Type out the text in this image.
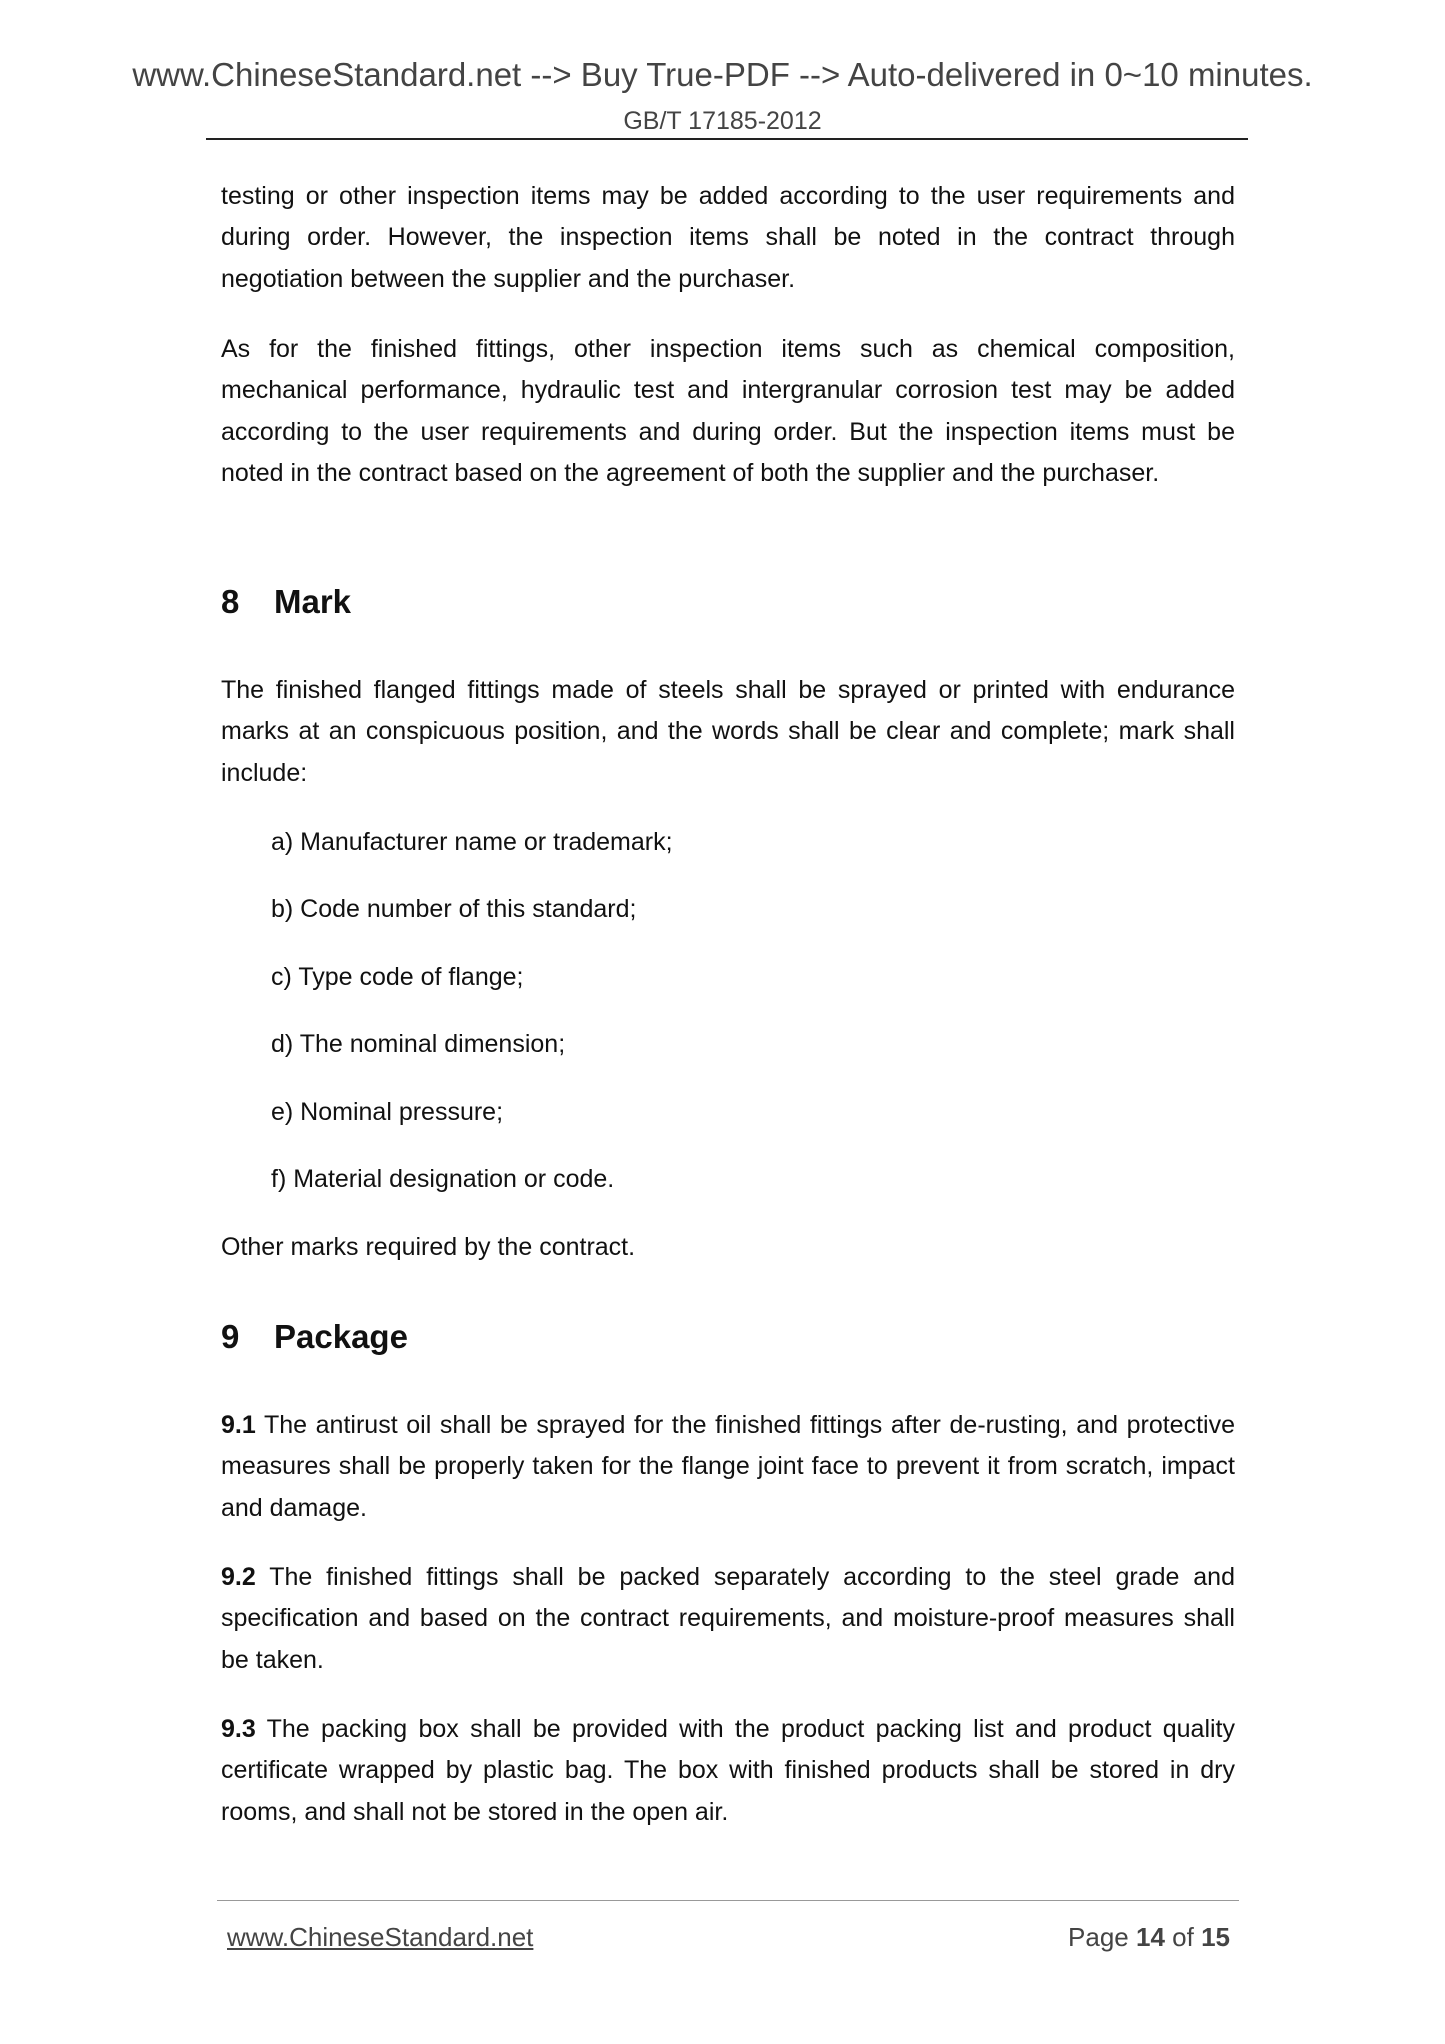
www.ChineseStandard.net --> Buy True-PDF --> Auto-delivered in 0~10 minutes.
GB/T 17185-2012

testing or other inspection items may be added according to the user requirements and during order. However, the inspection items shall be noted in the contract through negotiation between the supplier and the purchaser.

As for the finished fittings, other inspection items such as chemical composition, mechanical performance, hydraulic test and intergranular corrosion test may be added according to the user requirements and during order. But the inspection items must be noted in the contract based on the agreement of both the supplier and the purchaser.

8 Mark

The finished flanged fittings made of steels shall be sprayed or printed with endurance marks at an conspicuous position, and the words shall be clear and complete; mark shall include:

a) Manufacturer name or trademark;
b) Code number of this standard;
c) Type code of flange;
d) The nominal dimension;
e) Nominal pressure;
f) Material designation or code.

Other marks required by the contract.

9 Package

9.1 The antirust oil shall be sprayed for the finished fittings after de-rusting, and protective measures shall be properly taken for the flange joint face to prevent it from scratch, impact and damage.

9.2 The finished fittings shall be packed separately according to the steel grade and specification and based on the contract requirements, and moisture-proof measures shall be taken.

9.3 The packing box shall be provided with the product packing list and product quality certificate wrapped by plastic bag. The box with finished products shall be stored in dry rooms, and shall not be stored in the open air.

www.ChineseStandard.net	Page 14 of 15
